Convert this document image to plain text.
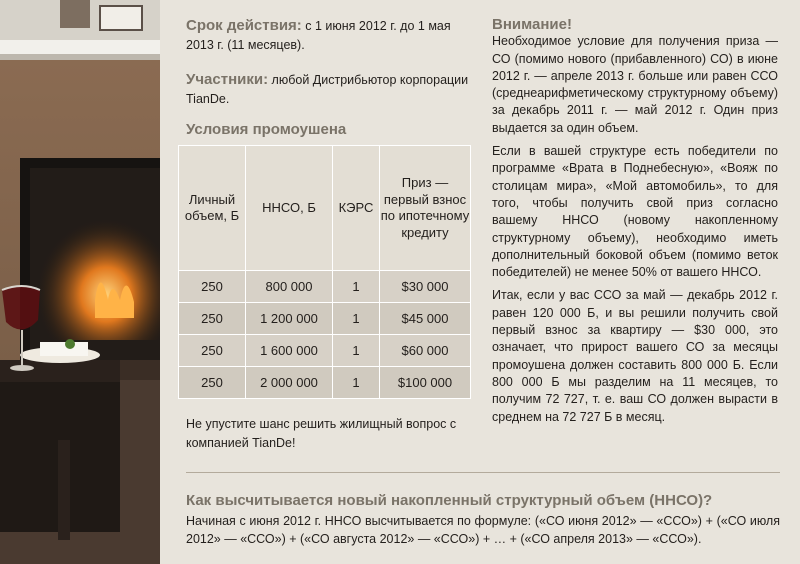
Срок действия: с 1 июня 2012 г. до 1 мая 2013 г. (11 месяцев).
Участники: любой Дистрибьютор корпорации TianDe.
Условия промоушена
Личный объем, Б	ННСО, Б	КЭРС	Приз — первый взнос по ипотечному кредиту
250	800 000	1	$30 000
250	1 200 000	1	$45 000
250	1 600 000	1	$60 000
250	2 000 000	1	$100 000
Не упустите шанс решить жилищный вопрос с компанией TianDe!
Внимание!

Необходимое условие для получения приза — СО (помимо нового (прибавленного) СО) в июне 2012 г. — апреле 2013 г. больше или равен ССО (среднеарифметическому структурному объему) за декабрь 2011 г. — май 2012 г. Один приз выдается за один объем.

Если в вашей структуре есть победители по программе «Врата в Поднебесную», «Вояж по столицам мира», «Мой автомобиль», то для того, чтобы получить свой приз согласно вашему ННСО (новому накопленному структурному объему), необходимо иметь дополнительный боковой объем (помимо веток победителей) не менее 50% от вашего ННСО.

Итак, если у вас ССО за май — декабрь 2012 г. равен 120 000 Б, и вы решили получить свой первый взнос за квартиру — $30 000, это означает, что прирост вашего СО за месяцы промоушена должен составить 800 000 Б. Если 800 000 Б мы разделим на 11 месяцев, то получим 72 727, т. е. ваш СО должен вырасти в среднем на 72 727 Б в месяц.

Как высчитывается новый накопленный структурный объем (ННСО)?
Начиная с июня 2012 г. ННСО высчитывается по формуле: («СО июня 2012» — «ССО») + («СО июля 2012» — «ССО») + («СО августа 2012» — «ССО») + … + («СО апреля 2013» — «ССО»).
